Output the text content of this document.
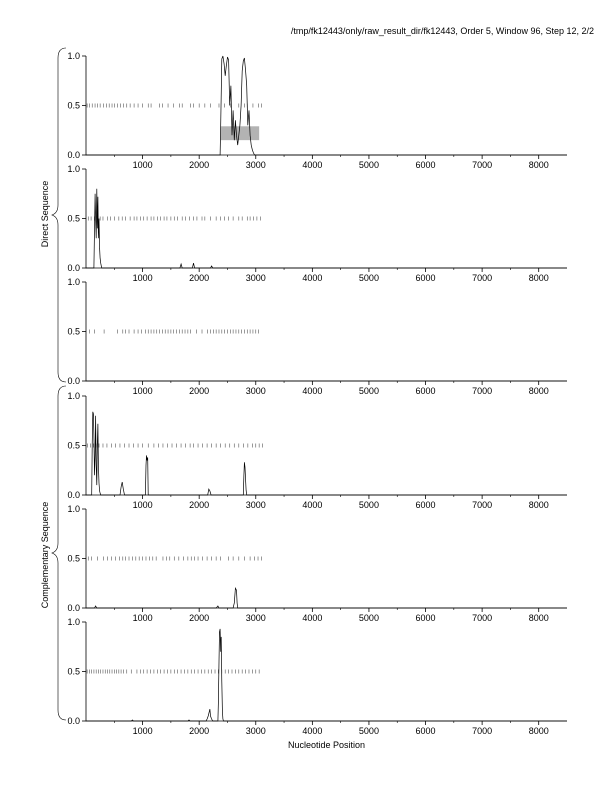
/tmp/fk12443/only/raw_result_dir/fk12443, Order 5, Window 96, Step 12, 2/2
Direct Sequence
Complementary Sequence
Nucleotide Position
0.0
0.5
1.0
1000	2000	3000	4000	5000	6000	7000	8000
0.0
0.5
1.0
1000	2000	3000	4000	5000	6000	7000	8000
0.0
0.5
1.0
1000	2000	3000	4000	5000	6000	7000	8000
0.0
0.5
1.0
1000	2000	3000	4000	5000	6000	7000	8000
0.0
0.5
1.0
1000	2000	3000	4000	5000	6000	7000	8000
0.0
0.5
1.0
1000	2000	3000	4000	5000	6000	7000	8000
